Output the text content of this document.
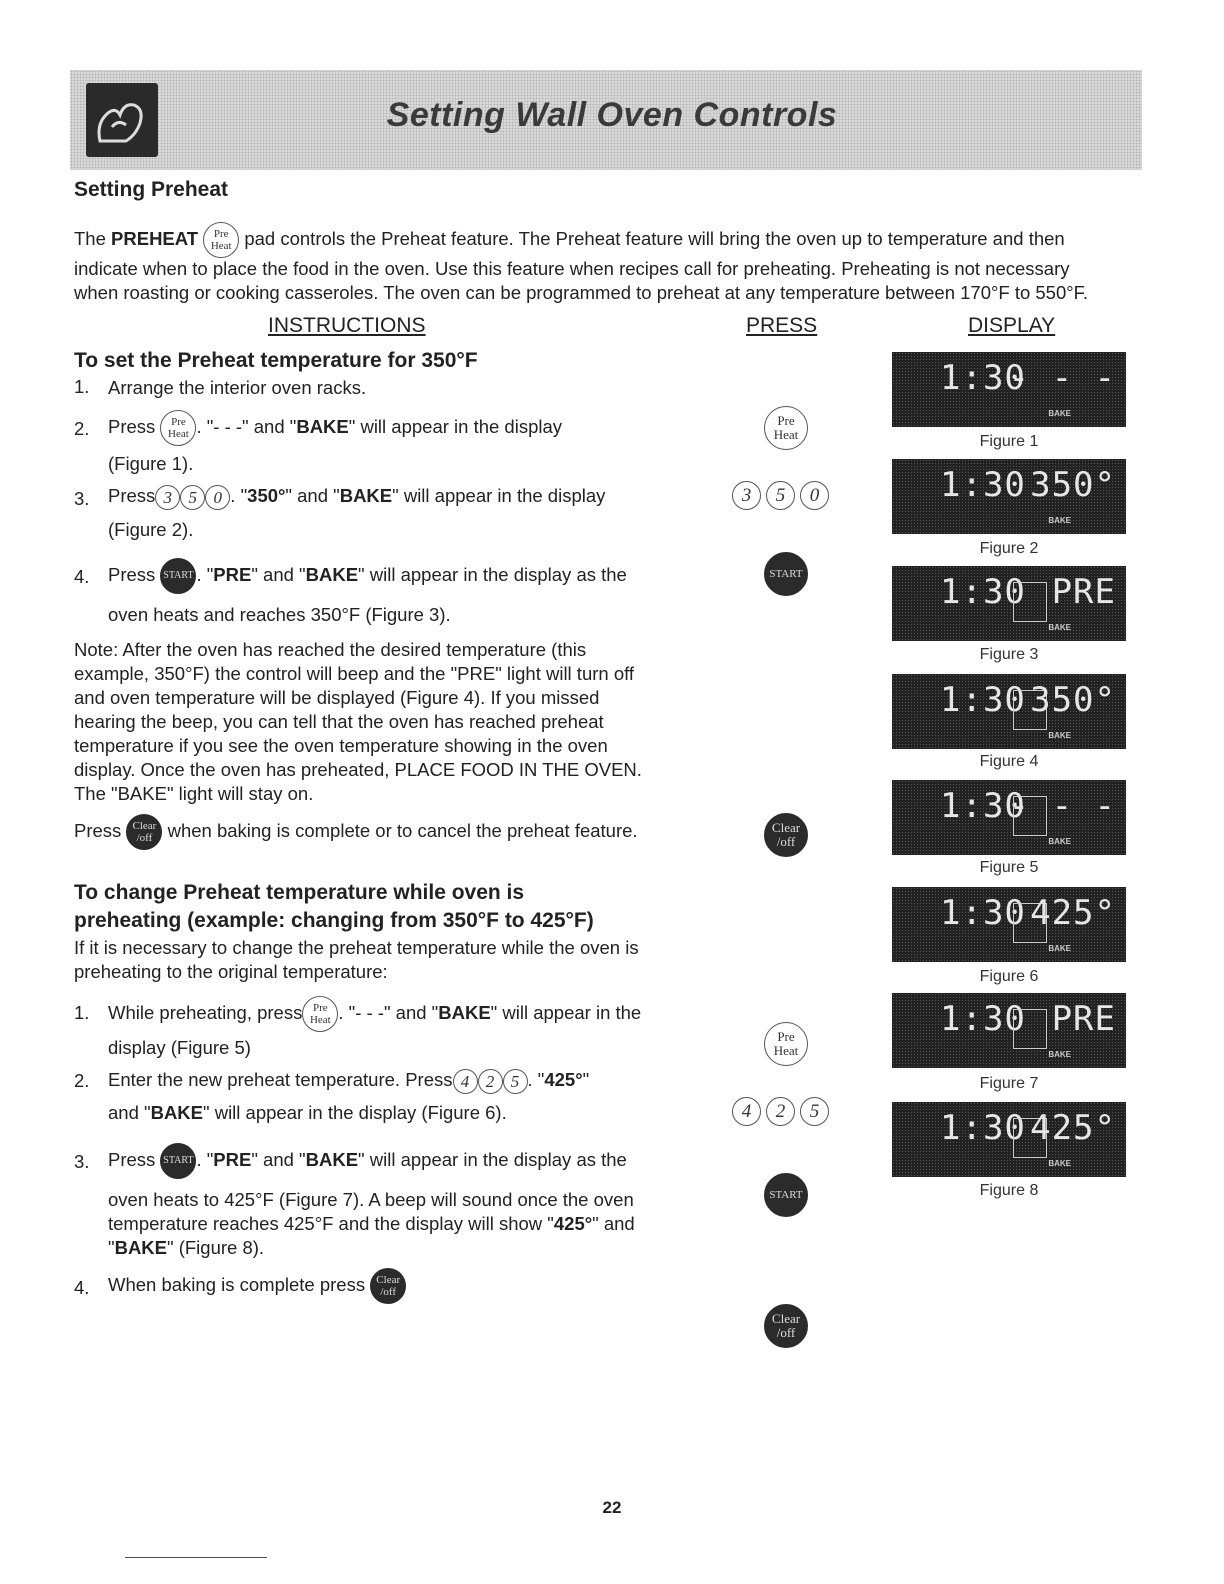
Setting Wall Oven Controls
Setting Preheat
The PREHEAT Pre
Heat pad controls the Preheat feature. The Preheat feature will bring the oven up to temperature and then
indicate when to place the food in the oven. Use this feature when recipes call for preheating. Preheating is not necessary
when roasting or cooking casseroles. The oven can be programmed to preheat at any temperature between 170°F to 550°F.
INSTRUCTIONS	PRESS	DISPLAY
To set the Preheat temperature for 350°F
1. Arrange the interior oven racks.
2. Press Pre
Heat . "- - -" and "BAKE" will appear in the display
(Figure 1).
3. Press 3 5 0 . "350°" and "BAKE" will appear in the display
(Figure 2).
4. Press START . "PRE" and "BAKE" will appear in the display as the
oven heats and reaches 350°F (Figure 3).
Note: After the oven has reached the desired temperature (this
example, 350°F) the control will beep and the "PRE" light will turn off
and oven temperature will be displayed (Figure 4). If you missed
hearing the beep, you can tell that the oven has reached preheat
temperature if you see the oven temperature showing in the oven
display. Once the oven has preheated, PLACE FOOD IN THE OVEN.
The "BAKE" light will stay on.
Press Clear
/off when baking is complete or to cancel the preheat feature.
To change Preheat temperature while oven is
preheating (example: changing from 350°F to 425°F)
If it is necessary to change the preheat temperature while the oven is
preheating to the original temperature:
1. While preheating, press Pre
Heat . "- - -" and "BAKE" will appear in the
display (Figure 5)
2. Enter the new preheat temperature. Press 4 2 5 . "425°"
and "BAKE" will appear in the display (Figure 6).
3. Press START . "PRE" and "BAKE" will appear in the display as the
oven heats to 425°F (Figure 7). A beep will sound once the oven
temperature reaches 425°F and the display will show "425°" and
"BAKE" (Figure 8).
4. When baking is complete press Clear
/off
Pre
Heat
3 5 0
START
Clear
/off
Pre
Heat
4 2 5
START
Clear
/off
1:30
- - -
BAKE
Figure 1
1:30 350°
BAKE
Figure 2
1:30 PRE
BAKE
Figure 3
1:30 350°
BAKE
Figure 4
1:30
- - -
BAKE
Figure 5
1:30 425°
BAKE
Figure 6
1:30 PRE
BAKE
Figure 7
1:30 425°
BAKE
Figure 8
22
